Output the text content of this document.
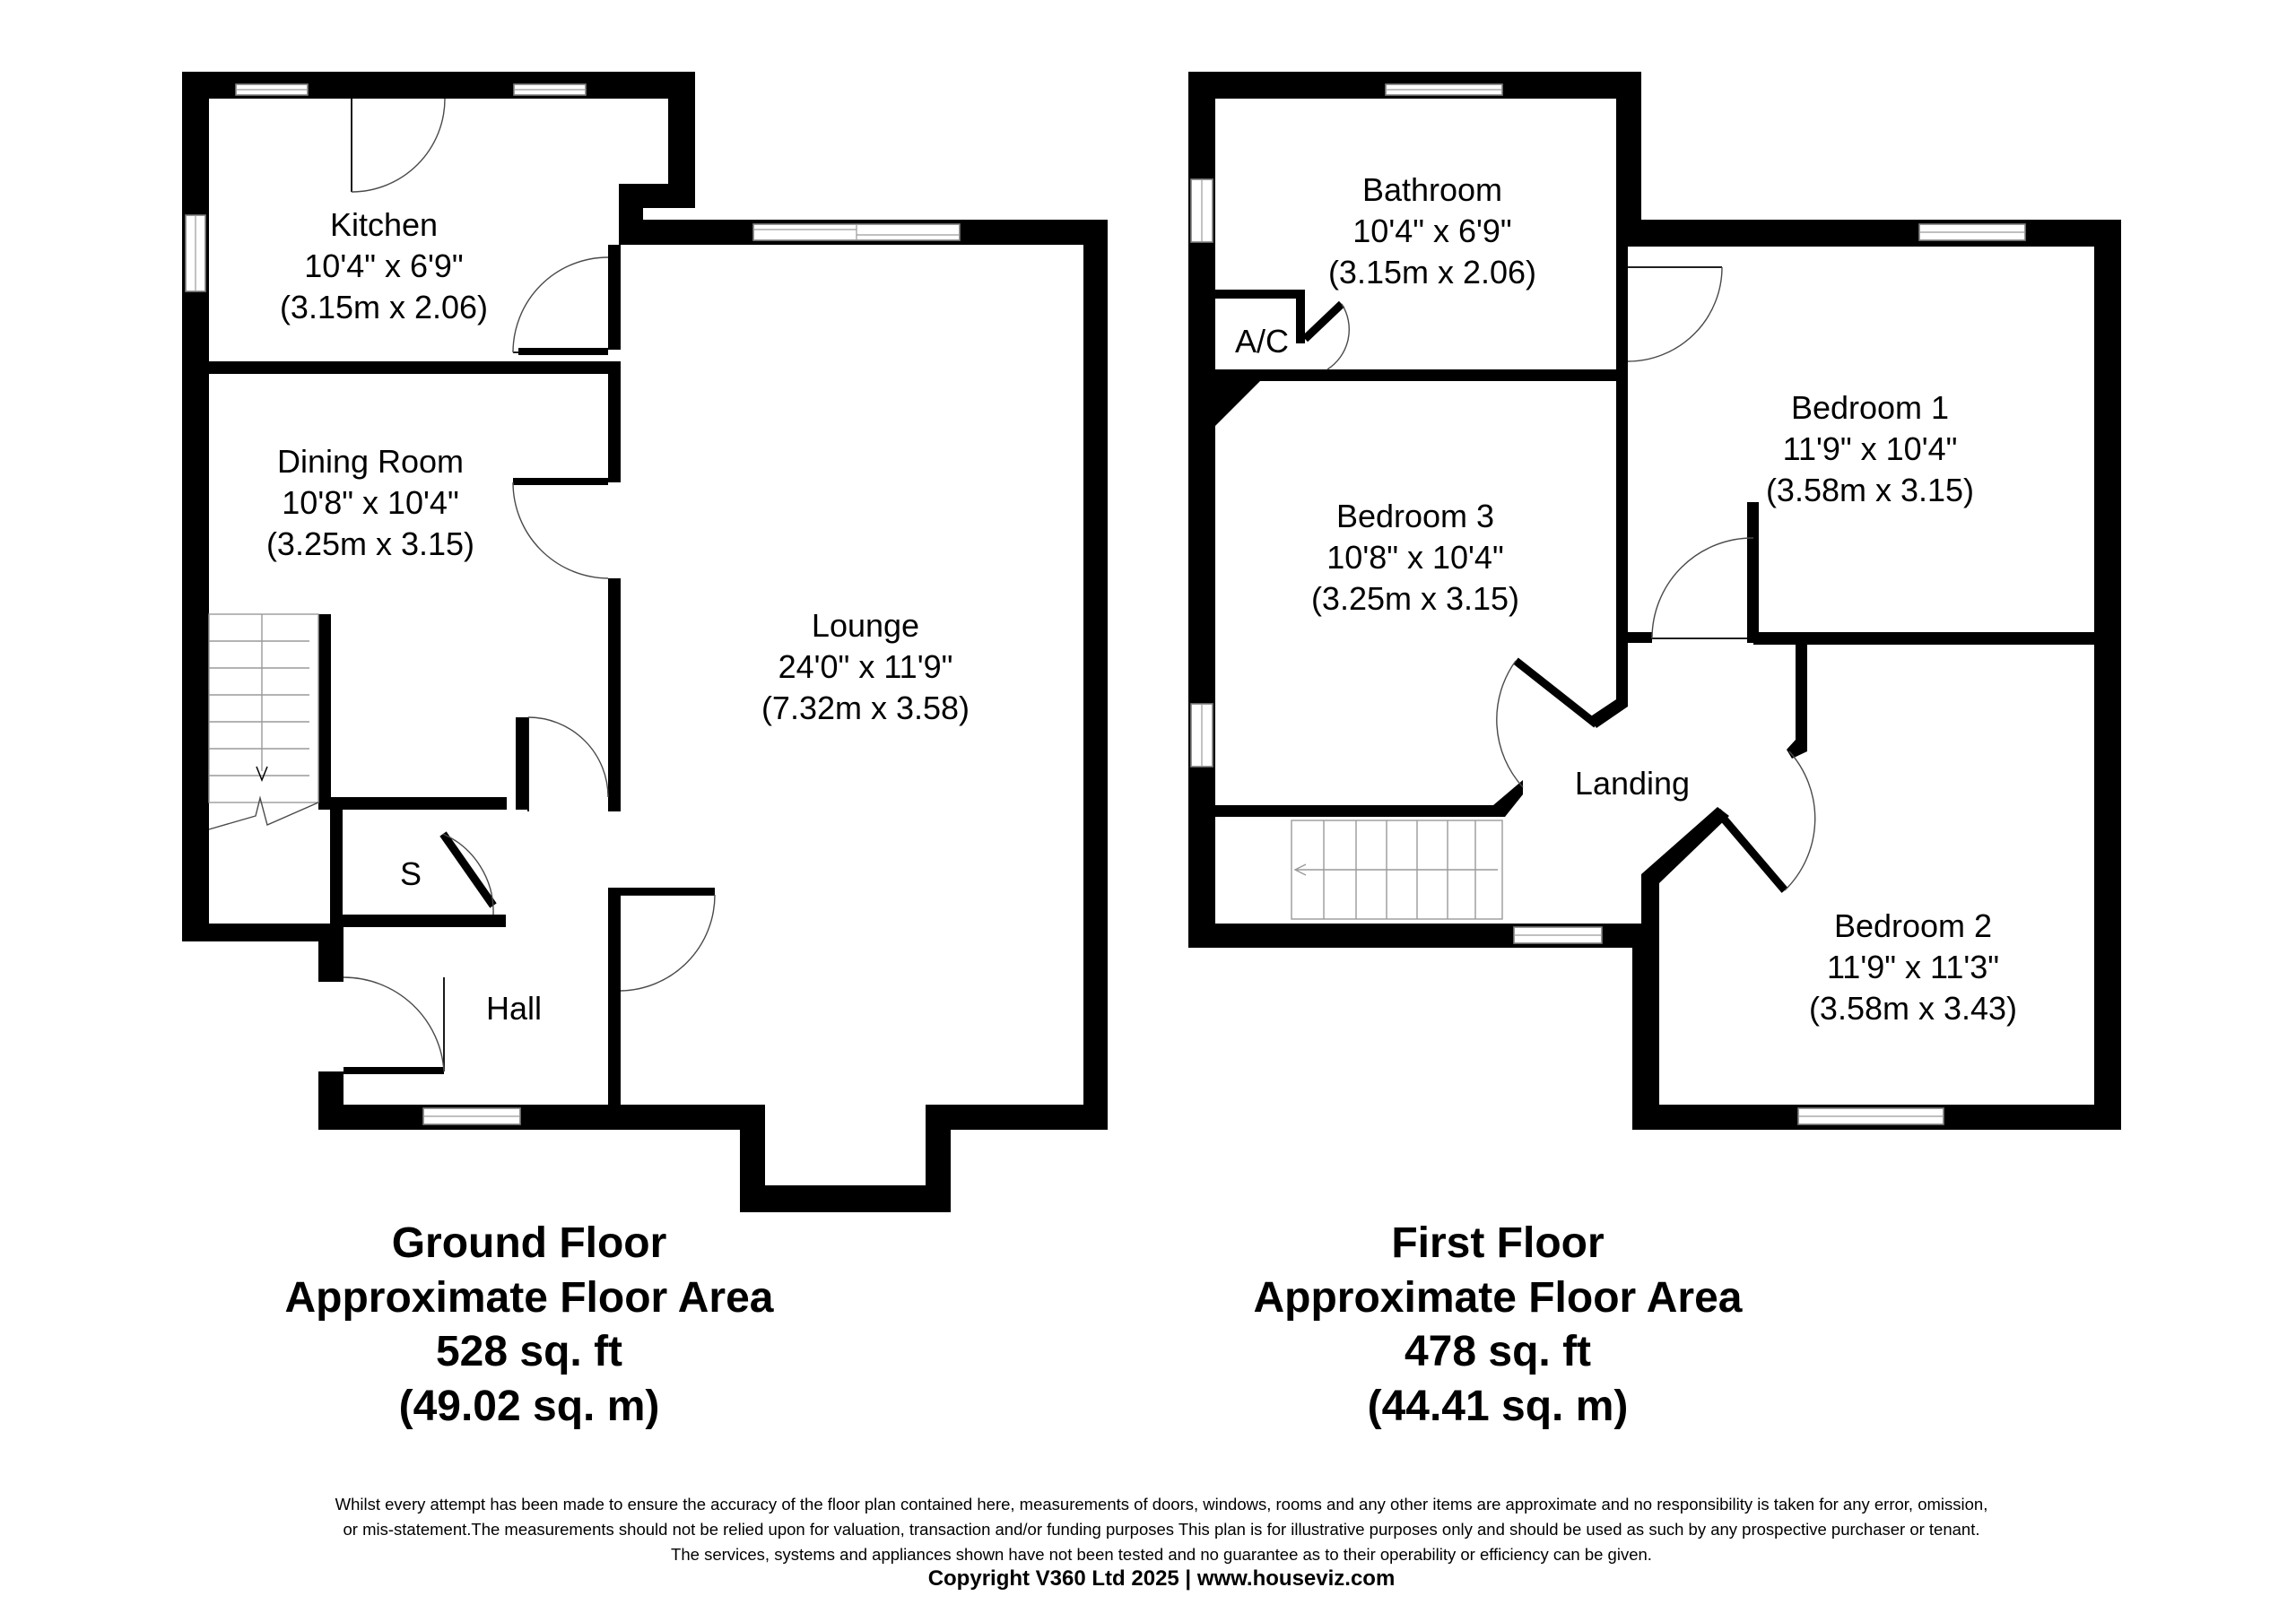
Kitchen
10'4" x 6'9"
(3.15m x 2.06)
Dining Room
10'8" x 10'4"
(3.25m x 3.15)
Lounge
24'0" x 11'9"
(7.32m x 3.58)
S
Hall
Bathroom
10'4" x 6'9"
(3.15m x 2.06)
A/C
Bedroom 1
11'9" x 10'4"
(3.58m x 3.15)
Bedroom 3
10'8" x 10'4"
(3.25m x 3.15)
Landing
Bedroom 2
11'9" x 11'3"
(3.58m x 3.43)
Ground Floor
Approximate Floor Area
528 sq. ft
(49.02 sq. m)
First Floor
Approximate Floor Area
478 sq. ft
(44.41 sq. m)
Whilst every attempt has been made to ensure the accuracy of the floor plan contained here, measurements of doors, windows, rooms and any other items are approximate and no responsibility is taken for any error, omission,
or mis-statement.The measurements should not be relied upon for valuation, transaction and/or funding purposes This plan is for illustrative purposes only and should be used as such by any prospective purchaser or tenant.
The services, systems and appliances shown have not been tested and no guarantee as to their operability or efficiency can be given.
Copyright V360 Ltd 2025 | www.houseviz.com
